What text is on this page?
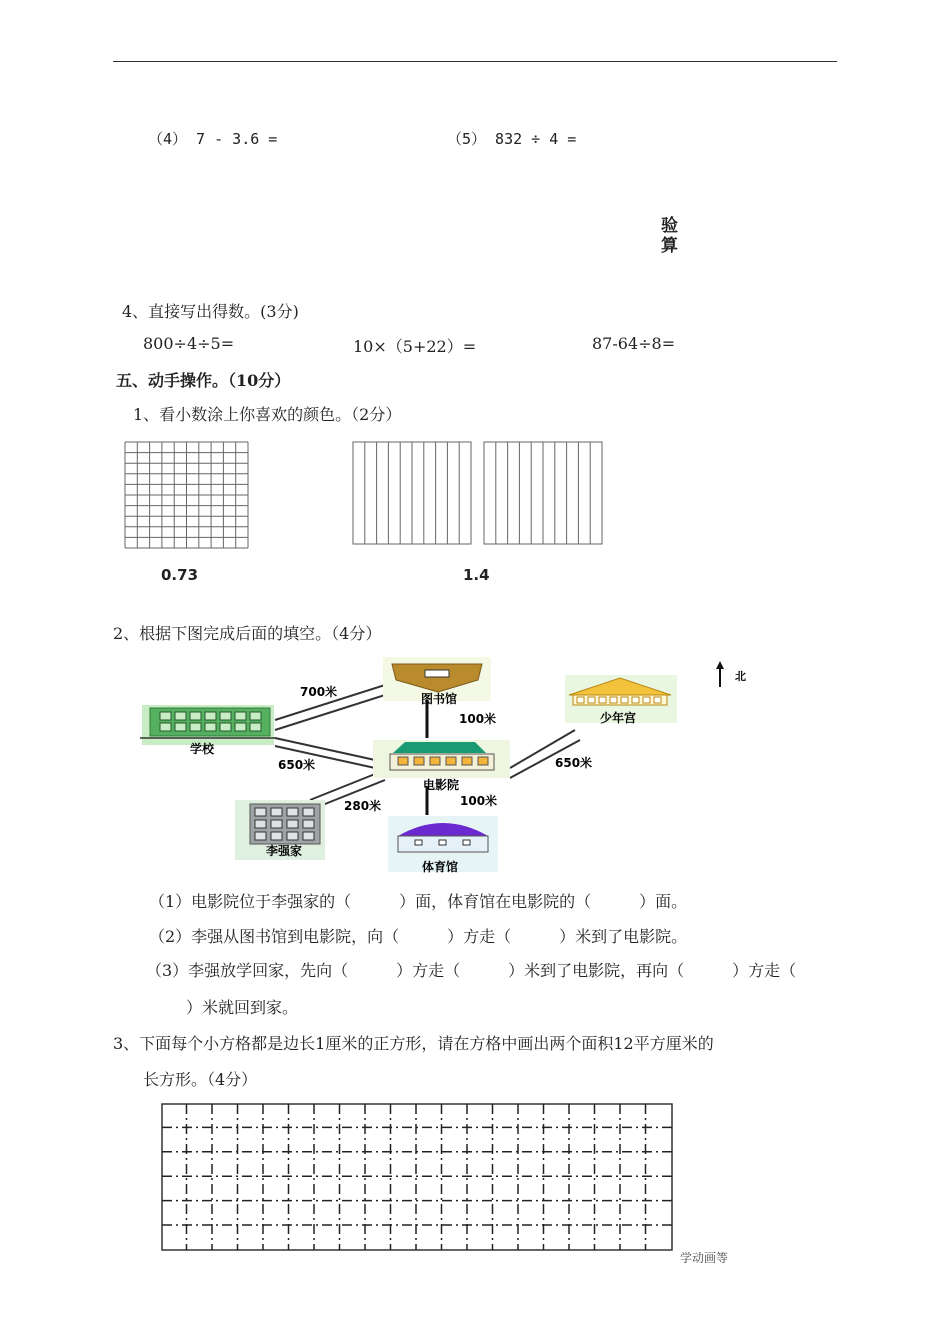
（4） 7 - 3.6 =	（5） 832 ÷ 4 =
验算
4、直接写出得数。(3分)
800÷4÷5=	10×（5+22）=	87-64÷8=
五、动手操作。（10分）
1、看小数涂上你喜欢的颜色。（2分）
0.73	1.4
2、根据下图完成后面的填空。（4分）
700米	图书馆
100米
学校
650米
少年宫
北
650米
电影院
280米	100米
李强家
体育馆
（1）电影院位于李强家的（　　　）面，体育馆在电影院的（　　　）面。
（2）李强从图书馆到电影院，向（　　　）方走（　　　）米到了电影院。
（3）李强放学回家，先向（　　　）方走（　　　）米到了电影院，再向（　　　）方走（
）米就回到家。
3、下面每个小方格都是边长1厘米的正方形，请在方格中画出两个面积12平方厘米的
长方形。（4分）
学动画等
